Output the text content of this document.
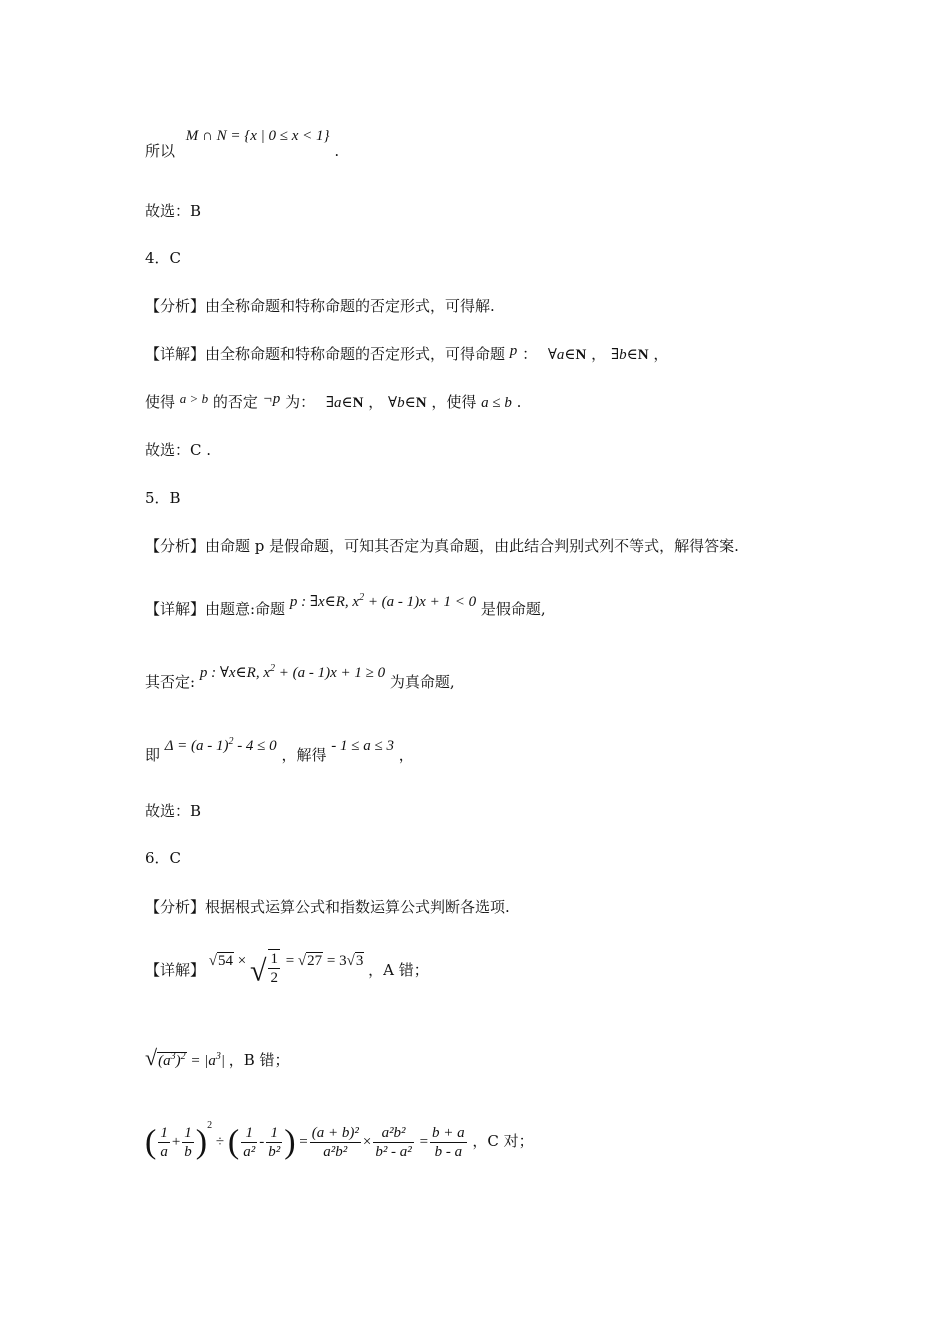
所以 M ∩ N = {x | 0 ≤ x < 1} .
故选：B
4．C
【分析】由全称命题和特称命题的否定形式，可得解.
【详解】由全称命题和特称命题的否定形式，可得命题 p ： ∀a∈N ， ∃b∈N ，
使得 a > b 的否定 ¬p 为： ∃a∈N ， ∀b∈N ，使得 a ≤ b .
故选：C .
5．B
【分析】由命题 p 是假命题，可知其否定为真命题，由此结合判别式列不等式，解得答案.
【详解】由题意:命题 p : ∃x∈R, $x^2 + (a - 1)x + 1 < 0$ 是假命题,
其否定: p : ∀x∈R, $x^2 + (a - 1)x + 1 \ge 0$ 为真命题,
即 Δ = (a - 1)$^2$ - 4 ≤ 0 ，解得 - 1 ≤ a ≤ 3 ，
故选：B
6．C
【分析】根据根式运算公式和指数运算公式判断各选项.
【详解】 √54 × √ $\frac{1}{2} = √27 = 3√3$ ，A 错；
$√(a^3)^2 = |a^3|$ ，B 错；
( $\frac{1}{a} + \frac{1}{b} )^2$ ÷ ( $\frac{1}{\text{a²}} - \frac{1}{\text{b²}}$ ) = $\frac{\text{(a + b)²}}{\text{a²b²}} \times \frac{\text{a²b²}}{\text{b² - a²}} = \frac{b + a}{b - a}$ ，C 对；
